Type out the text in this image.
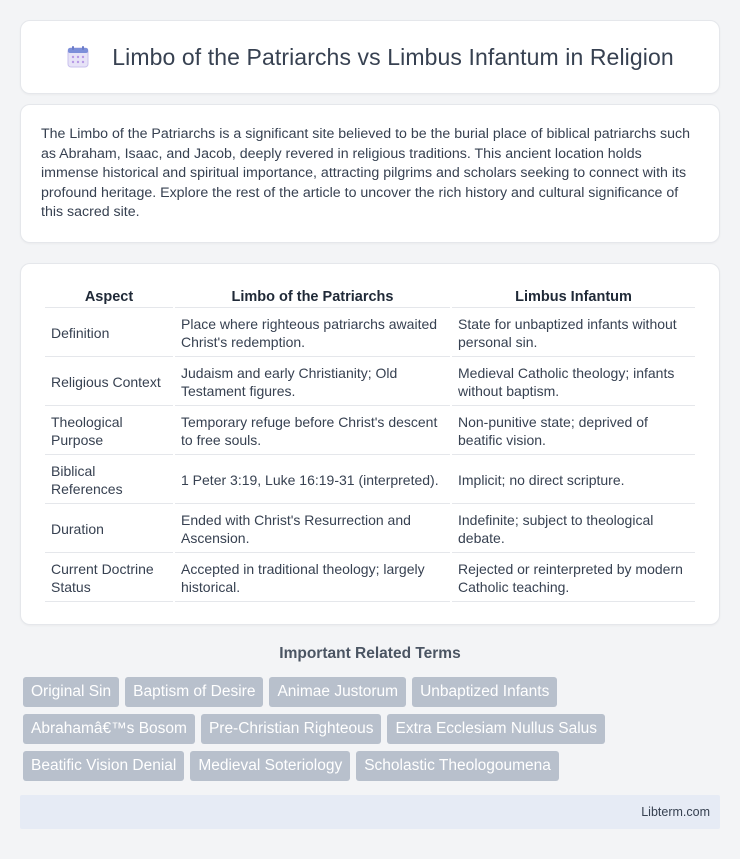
Limbo of the Patriarchs vs Limbus Infantum in Religion

The Limbo of the Patriarchs is a significant site believed to be the burial place of biblical patriarchs such as Abraham, Isaac, and Jacob, deeply revered in religious traditions. This ancient location holds immense historical and spiritual importance, attracting pilgrims and scholars seeking to connect with its profound heritage. Explore the rest of the article to uncover the rich history and cultural significance of this sacred site.

Aspect	Limbo of the Patriarchs	Limbus Infantum
Definition	Place where righteous patriarchs awaited Christ's redemption.	State for unbaptized infants without personal sin.
Religious Context	Judaism and early Christianity; Old Testament figures.	Medieval Catholic theology; infants without baptism.
Theological Purpose	Temporary refuge before Christ's descent to free souls.	Non-punitive state; deprived of beatific vision.
Biblical References	1 Peter 3:19, Luke 16:19-31 (interpreted).	Implicit; no direct scripture.
Duration	Ended with Christ's Resurrection and Ascension.	Indefinite; subject to theological debate.
Current Doctrine Status	Accepted in traditional theology; largely historical.	Rejected or reinterpreted by modern Catholic teaching.
Important Related Terms
Original Sin	Baptism of Desire	Animae Justorum	Unbaptized Infants
Abrahamâ€™s Bosom	Pre-Christian Righteous	Extra Ecclesiam Nullus Salus
Beatific Vision Denial	Medieval Soteriology	Scholastic Theologoumena
Libterm.com
